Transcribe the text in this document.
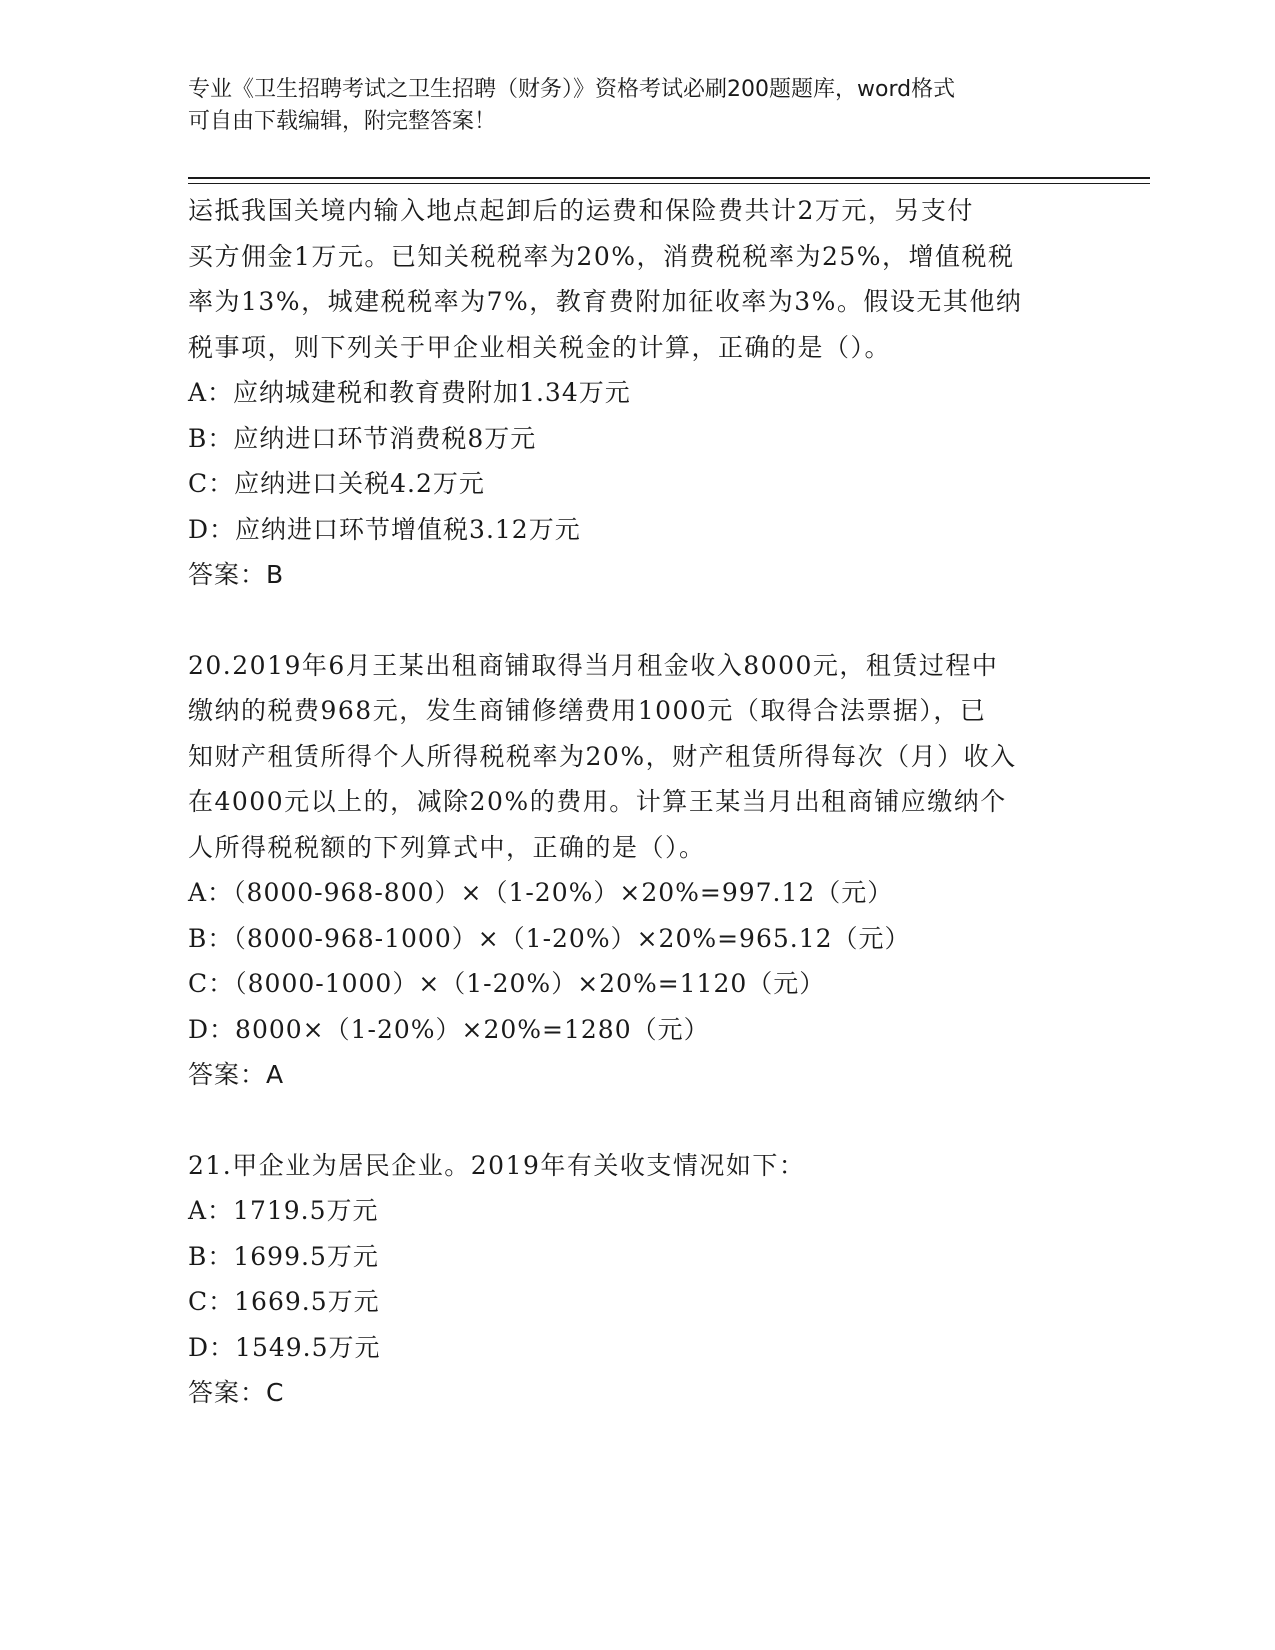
专业《卫生招聘考试之卫生招聘（财务）》资格考试必刷200题题库，word格式
可自由下载编辑，附完整答案！
运抵我国关境内输入地点起卸后的运费和保险费共计2万元，另支付
买方佣金1万元。已知关税税率为20%，消费税税率为25%，增值税税
率为13%，城建税税率为7%，教育费附加征收率为3%。假设无其他纳
税事项，则下列关于甲企业相关税金的计算，正确的是（）。
A：应纳城建税和教育费附加1.34万元
B：应纳进口环节消费税8万元
C：应纳进口关税4.2万元
D：应纳进口环节增值税3.12万元
答案：B
20.2019年6月王某出租商铺取得当月租金收入8000元，租赁过程中
缴纳的税费968元，发生商铺修缮费用1000元（取得合法票据），已
知财产租赁所得个人所得税税率为20%，财产租赁所得每次（月）收入
在4000元以上的，减除20%的费用。计算王某当月出租商铺应缴纳个
人所得税税额的下列算式中，正确的是（）。
A：（8000-968-800）×（1-20%）×20%=997.12（元）
B：（8000-968-1000）×（1-20%）×20%=965.12（元）
C：（8000-1000）×（1-20%）×20%=1120（元）
D：8000×（1-20%）×20%=1280（元）
答案：A
21.甲企业为居民企业。2019年有关收支情况如下：
A：1719.5万元
B：1699.5万元
C：1669.5万元
D：1549.5万元
答案：C
